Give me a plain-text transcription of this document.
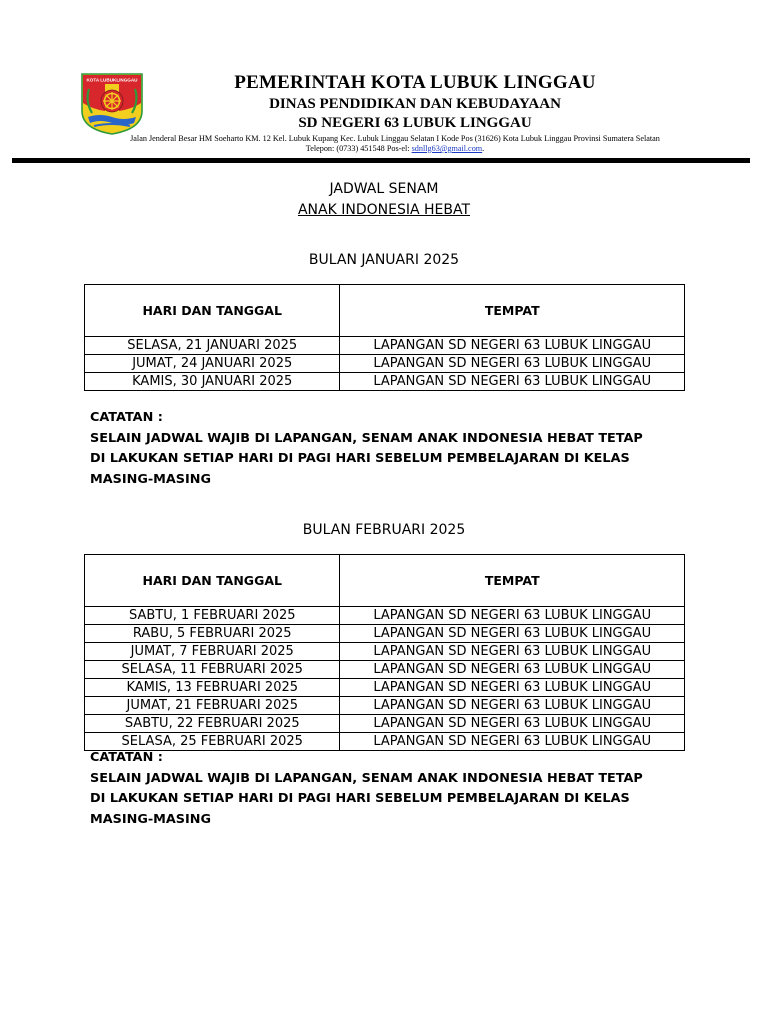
KOTA LUBUKLINGGAU	PEMERINTAH KOTA LUBUK LINGGAU
DINAS PENDIDIKAN DAN KEBUDAYAAN
SD NEGERI 63 LUBUK LINGGAU
Jalan Jenderal Besar HM Soeharto KM. 12 Kel. Lubuk Kupang Kec. Lubuk Linggau Selatan I Kode Pos (31626) Kota Lubuk Linggau Provinsi Sumatera Selatan
Telepon: (0733) 451548 Pos-el: sdnllg63@gmail.com.
JADWAL SENAM
ANAK INDONESIA HEBAT
BULAN JANUARI 2025
HARI DAN TANGGAL	TEMPAT
SELASA, 21 JANUARI 2025	LAPANGAN SD NEGERI 63 LUBUK LINGGAU
JUMAT, 24 JANUARI 2025	LAPANGAN SD NEGERI 63 LUBUK LINGGAU
KAMIS, 30 JANUARI 2025	LAPANGAN SD NEGERI 63 LUBUK LINGGAU
CATATAN :
SELAIN JADWAL WAJIB DI LAPANGAN, SENAM ANAK INDONESIA HEBAT TETAP
DI LAKUKAN SETIAP HARI DI PAGI HARI SEBELUM PEMBELAJARAN DI KELAS
MASING-MASING
BULAN FEBRUARI 2025
HARI DAN TANGGAL	TEMPAT
SABTU, 1 FEBRUARI 2025	LAPANGAN SD NEGERI 63 LUBUK LINGGAU
RABU, 5 FEBRUARI 2025	LAPANGAN SD NEGERI 63 LUBUK LINGGAU
JUMAT, 7 FEBRUARI 2025	LAPANGAN SD NEGERI 63 LUBUK LINGGAU
SELASA, 11 FEBRUARI 2025	LAPANGAN SD NEGERI 63 LUBUK LINGGAU
KAMIS, 13 FEBRUARI 2025	LAPANGAN SD NEGERI 63 LUBUK LINGGAU
JUMAT, 21 FEBRUARI 2025	LAPANGAN SD NEGERI 63 LUBUK LINGGAU
SABTU, 22 FEBRUARI 2025	LAPANGAN SD NEGERI 63 LUBUK LINGGAU
SELASA, 25 FEBRUARI 2025	LAPANGAN SD NEGERI 63 LUBUK LINGGAU
CATATAN :
SELAIN JADWAL WAJIB DI LAPANGAN, SENAM ANAK INDONESIA HEBAT TETAP
DI LAKUKAN SETIAP HARI DI PAGI HARI SEBELUM PEMBELAJARAN DI KELAS
MASING-MASING
